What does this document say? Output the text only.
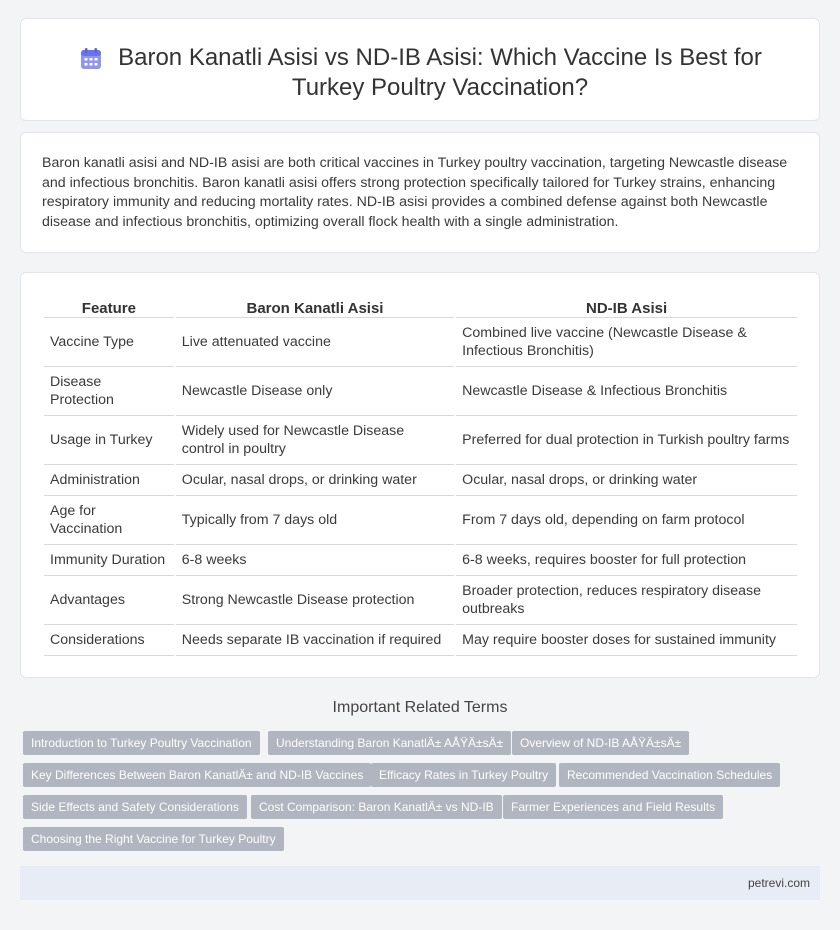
Baron Kanatli Asisi vs ND-IB Asisi: Which Vaccine Is Best for Turkey Poultry Vaccination?

Baron kanatli asisi and ND-IB asisi are both critical vaccines in Turkey poultry vaccination, targeting Newcastle disease and infectious bronchitis. Baron kanatli asisi offers strong protection specifically tailored for Turkey strains, enhancing respiratory immunity and reducing mortality rates. ND-IB asisi provides a combined defense against both Newcastle disease and infectious bronchitis, optimizing overall flock health with a single administration.

Feature	Baron Kanatli Asisi	ND-IB Asisi
Vaccine Type	Live attenuated vaccine	Combined live vaccine (Newcastle Disease & Infectious Bronchitis)
Disease Protection	Newcastle Disease only	Newcastle Disease & Infectious Bronchitis
Usage in Turkey	Widely used for Newcastle Disease control in poultry	Preferred for dual protection in Turkish poultry farms
Administration	Ocular, nasal drops, or drinking water	Ocular, nasal drops, or drinking water
Age for Vaccination	Typically from 7 days old	From 7 days old, depending on farm protocol
Immunity Duration	6-8 weeks	6-8 weeks, requires booster for full protection
Advantages	Strong Newcastle Disease protection	Broader protection, reduces respiratory disease outbreaks
Considerations	Needs separate IB vaccination if required	May require booster doses for sustained immunity
Important Related Terms
Introduction to Turkey Poultry Vaccination	Understanding Baron KanatlÄ± AÅŸÄ±sÄ±	Overview of ND-IB AÅŸÄ±sÄ±
Key Differences Between Baron KanatlÄ± and ND-IB Vaccines	Efficacy Rates in Turkey Poultry	Recommended Vaccination Schedules
Side Effects and Safety Considerations	Cost Comparison: Baron KanatlÄ± vs ND-IB	Farmer Experiences and Field Results
Choosing the Right Vaccine for Turkey Poultry
petrevi.com
